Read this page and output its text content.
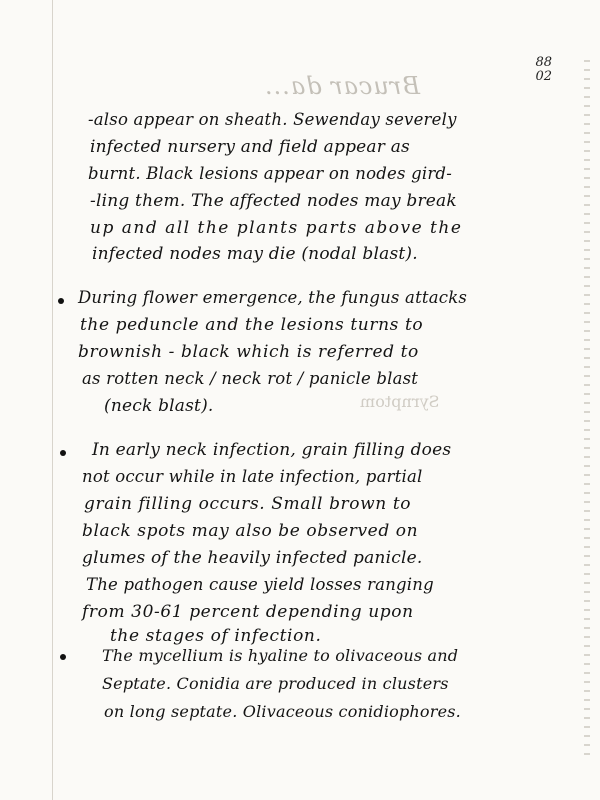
88
02
Brucar da...
-also appear on sheath. Sewenday severely
infected nursery and field appear as
burnt. Black lesions appear on nodes gird-
-ling them. The affected nodes may break
up and all the plants parts above the
infected nodes may die (nodal blast).
During flower emergence, the fungus attacks
the peduncle and the lesions turns to
brownish - black which is referred to
as rotten neck / neck rot / panicle blast
(neck blast).	Syrnptom
In early neck infection, grain filling does
not occur while in late infection, partial
grain filling occurs. Small brown to
black spots may also be observed on
glumes of the heavily infected panicle.
The pathogen cause yield losses ranging
from 30-61 percent depending upon
the stages of infection.
The mycellium is hyaline to olivaceous and
Septate. Conidia are produced in clusters
on long septate. Olivaceous conidiophores.
